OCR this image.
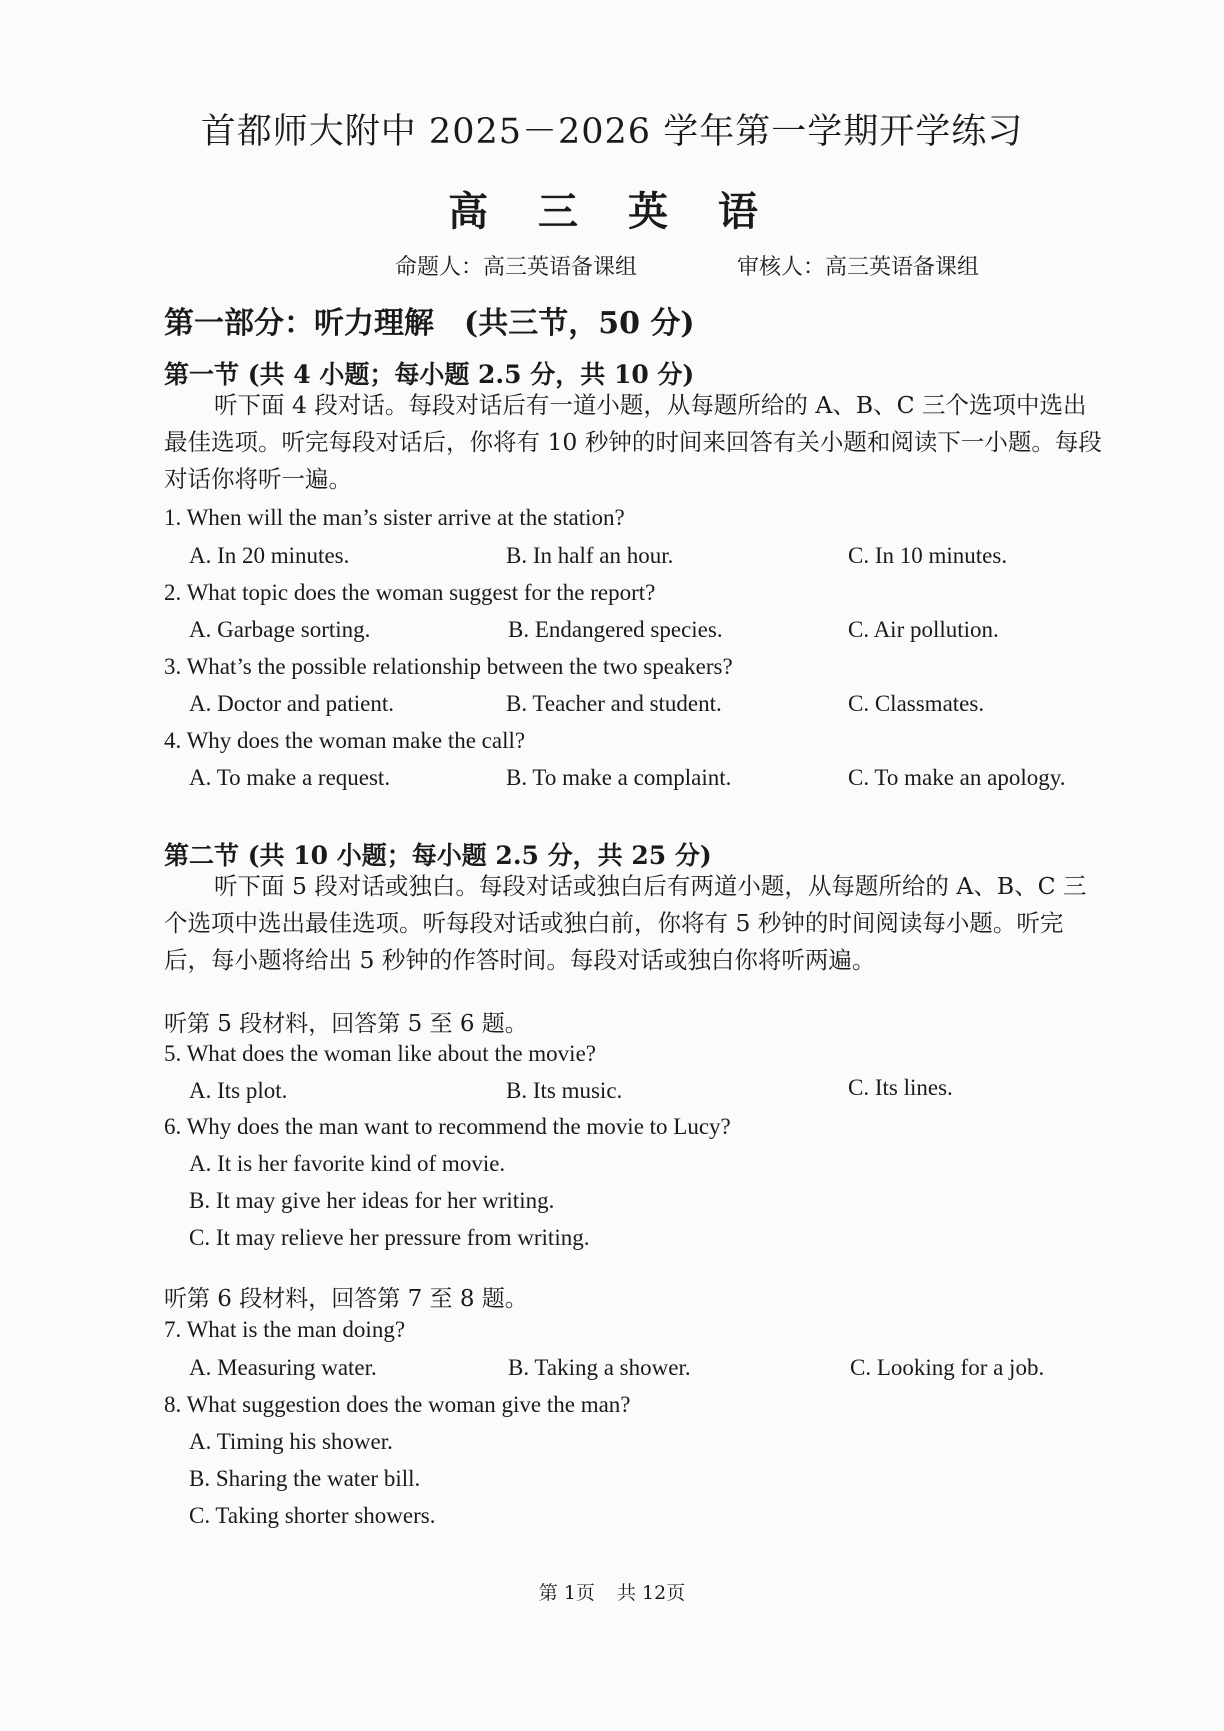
首都师大附中 2025－2026 学年第一学期开学练习
高 三 英 语
命题人：高三英语备课组	审核人：高三英语备课组
第一部分：听力理解　(共三节，50 分)
第一节 (共 4 小题；每小题 2.5 分，共 10 分)
听下面 4 段对话。每段对话后有一道小题，从每题所给的 A、B、C 三个选项中选出最佳选项。听完每段对话后，你将有 10 秒钟的时间来回答有关小题和阅读下一小题。每段对话你将听一遍。
1. When will the man’s sister arrive at the station?
A. In 20 minutes.	B. In half an hour.	C. In 10 minutes.
2. What topic does the woman suggest for the report?
A. Garbage sorting.	B. Endangered species.	C. Air pollution.
3. What’s the possible relationship between the two speakers?
A. Doctor and patient.	B. Teacher and student.	C. Classmates.
4. Why does the woman make the call?
A. To make a request.	B. To make a complaint.	C. To make an apology.
第二节 (共 10 小题；每小题 2.5 分，共 25 分)
听下面 5 段对话或独白。每段对话或独白后有两道小题，从每题所给的 A、B、C 三个选项中选出最佳选项。听每段对话或独白前，你将有 5 秒钟的时间阅读每小题。听完后，每小题将给出 5 秒钟的作答时间。每段对话或独白你将听两遍。
听第 5 段材料，回答第 5 至 6 题。
5. What does the woman like about the movie?
A. Its plot.	B. Its music.	C. Its lines.
6. Why does the man want to recommend the movie to Lucy?
A. It is her favorite kind of movie.
B. It may give her ideas for her writing.
C. It may relieve her pressure from writing.
听第 6 段材料，回答第 7 至 8 题。
7. What is the man doing?
A. Measuring water.	B. Taking a shower.	C. Looking for a job.
8. What suggestion does the woman give the man?
A. Timing his shower.
B. Sharing the water bill.
C. Taking shorter showers.
第 1页 共 12页
